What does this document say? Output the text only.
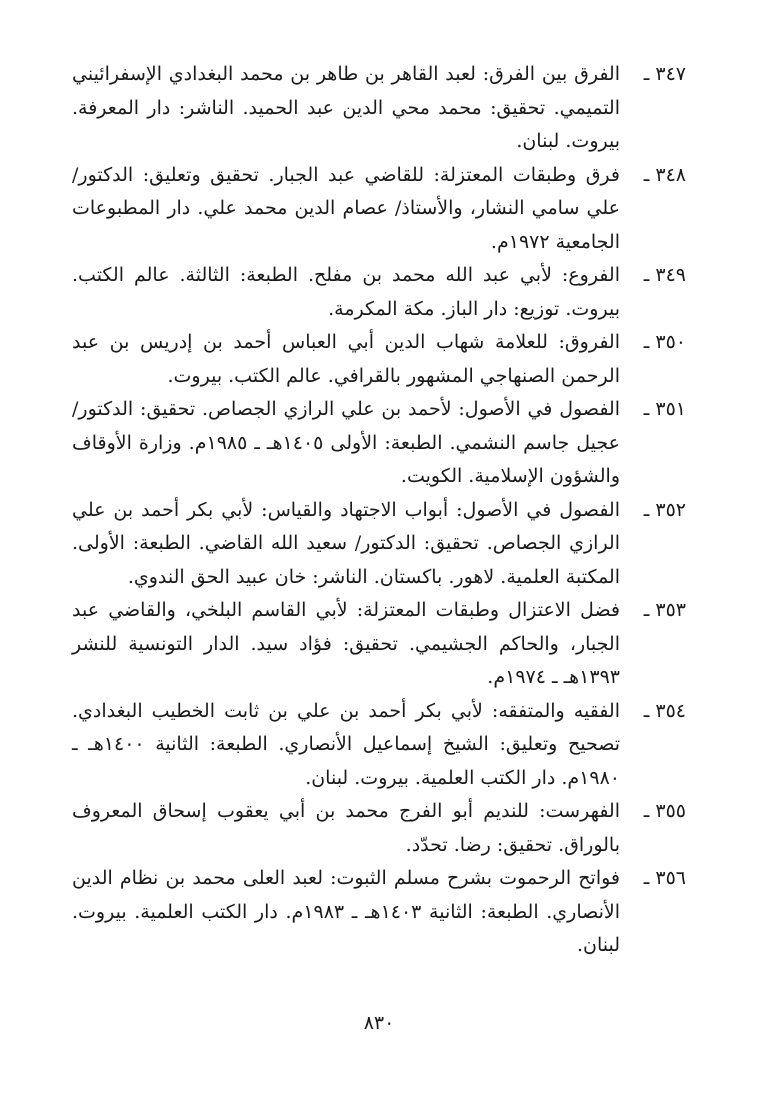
٣٤٧ ـ
الفرق بين الفرق: لعبد القاهر بن طاهر بن محمد البغدادي الإسفرائيني التميمي. تحقيق: محمد محي الدين عبد الحميد. الناشر: دار المعرفة. بيروت. لبنان.
٣٤٨ ـ
فرق وطبقات المعتزلة: للقاضي عبد الجبار. تحقيق وتعليق: الدكتور/ علي سامي النشار، والأستاذ/ عصام الدين محمد علي. دار المطبوعات الجامعية ١٩٧٢م.
٣٤٩ ـ
الفروع: لأبي عبد الله محمد بن مفلح. الطبعة: الثالثة. عالم الكتب. بيروت. توزيع: دار الباز. مكة المكرمة.
٣٥٠ ـ
الفروق: للعلامة شهاب الدين أبي العباس أحمد بن إدريس بن عبد الرحمن الصنهاجي المشهور بالقرافي. عالم الكتب. بيروت.
٣٥١ ـ
الفصول في الأصول: لأحمد بن علي الرازي الجصاص. تحقيق: الدكتور/ عجيل جاسم النشمي. الطبعة: الأولى ١٤٠٥هـ ـ ١٩٨٥م. وزارة الأوقاف والشؤون الإسلامية. الكويت.
٣٥٢ ـ
الفصول في الأصول: أبواب الاجتهاد والقياس: لأبي بكر أحمد بن علي الرازي الجصاص. تحقيق: الدكتور/ سعيد الله القاضي. الطبعة: الأولى. المكتبة العلمية. لاهور. باكستان. الناشر: خان عبيد الحق الندوي.
٣٥٣ ـ
فضل الاعتزال وطبقات المعتزلة: لأبي القاسم البلخي، والقاضي عبد الجبار، والحاكم الجشيمي. تحقيق: فؤاد سيد. الدار التونسية للنشر ١٣٩٣هـ ـ ١٩٧٤م.
٣٥٤ ـ
الفقيه والمتفقه: لأبي بكر أحمد بن علي بن ثابت الخطيب البغدادي. تصحيح وتعليق: الشيخ إسماعيل الأنصاري. الطبعة: الثانية ١٤٠٠هـ ـ ١٩٨٠م. دار الكتب العلمية. بيروت. لبنان.
٣٥٥ ـ
الفهرست: للنديم أبو الفرج محمد بن أبي يعقوب إسحاق المعروف بالوراق. تحقيق: رضا. تحدّد.
٣٥٦ ـ
فواتح الرحموت بشرح مسلم الثبوت: لعبد العلى محمد بن نظام الدين الأنصاري. الطبعة: الثانية ١٤٠٣هـ ـ ١٩٨٣م. دار الكتب العلمية. بيروت. لبنان.
٨٣٠
